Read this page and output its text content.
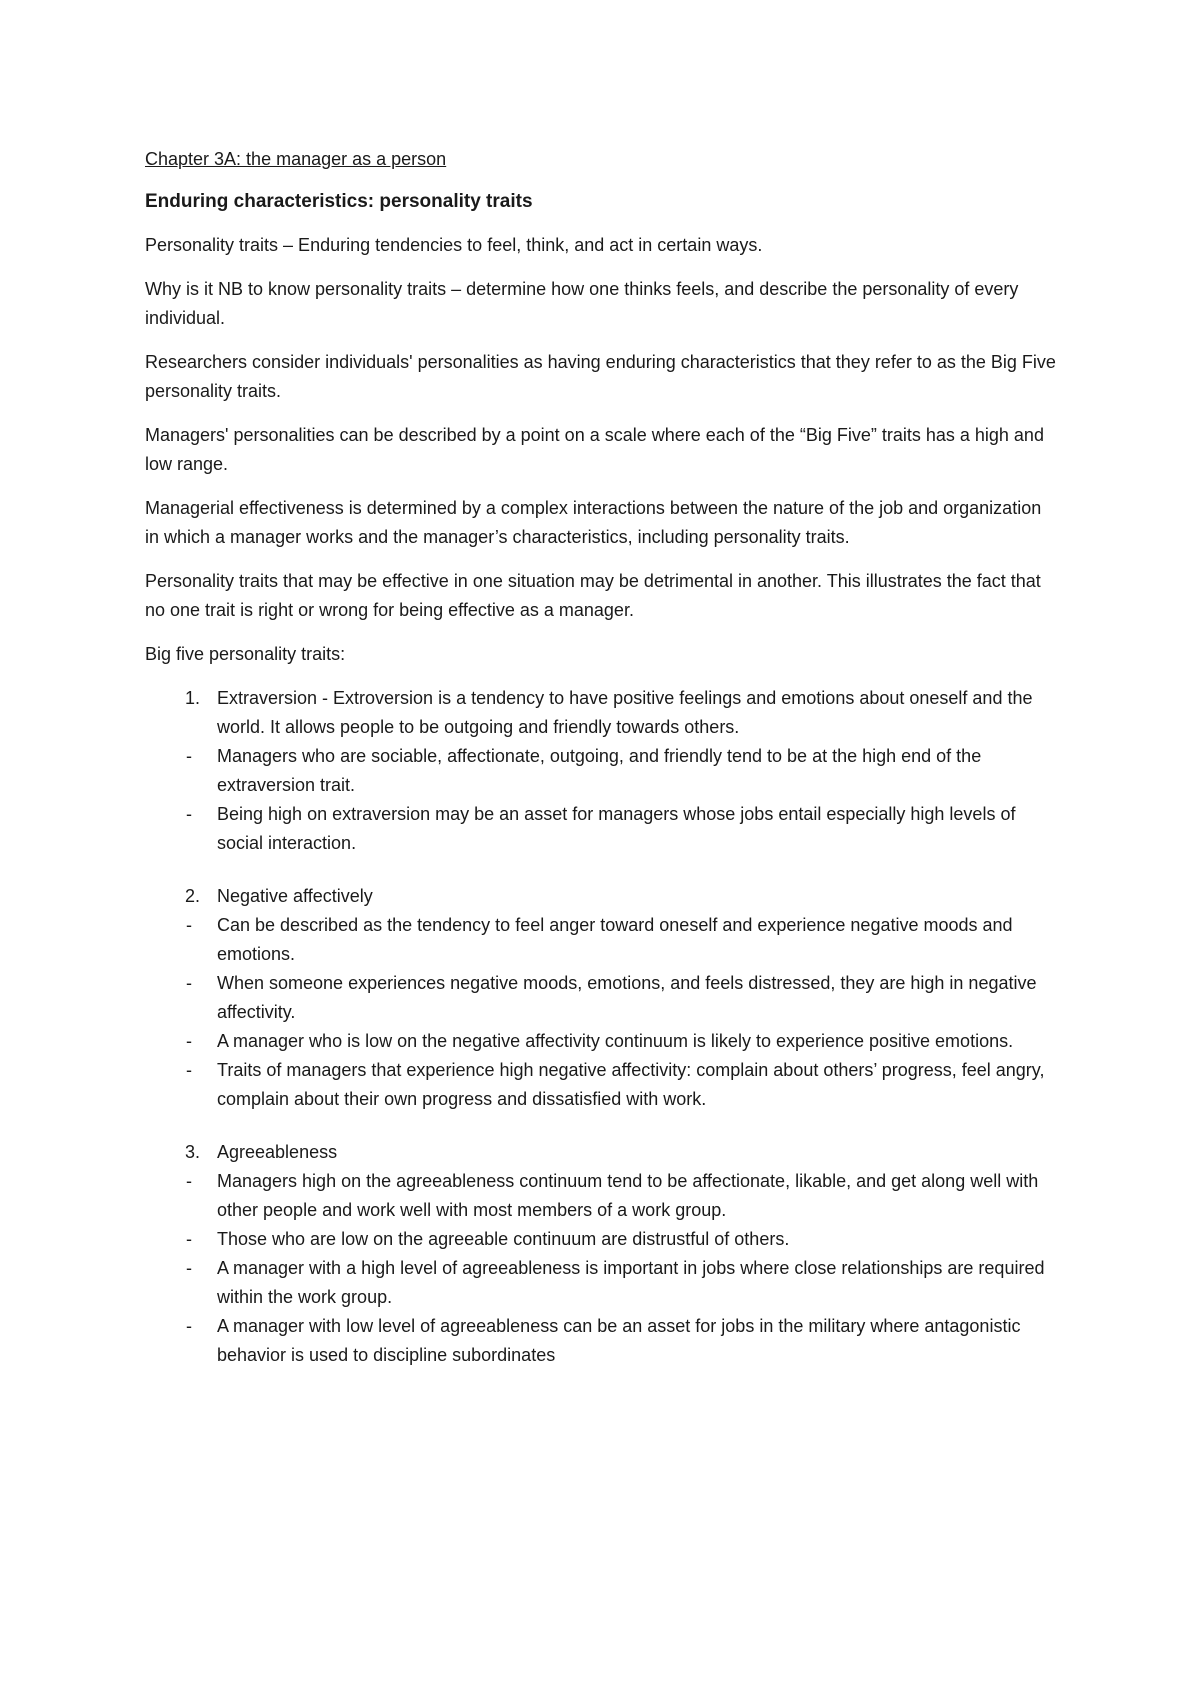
Chapter 3A: the manager as a person
Enduring characteristics: personality traits

Personality traits – Enduring tendencies to feel, think, and act in certain ways.

Why is it NB to know personality traits – determine how one thinks feels, and describe the personality of every individual.

Researchers consider individuals' personalities as having enduring characteristics that they refer to as the Big Five personality traits.

Managers' personalities can be described by a point on a scale where each of the “Big Five” traits has a high and low range.

Managerial effectiveness is determined by a complex interactions between the nature of the job and organization in which a manager works and the manager’s characteristics, including personality traits.

Personality traits that may be effective in one situation may be detrimental in another. This illustrates the fact that no one trait is right or wrong for being effective as a manager.

Big five personality traits:

1. Extraversion - Extroversion is a tendency to have positive feelings and emotions about oneself and the world. It allows people to be outgoing and friendly towards others.
-	Managers who are sociable, affectionate, outgoing, and friendly tend to be at the high end of the extraversion trait.
-	Being high on extraversion may be an asset for managers whose jobs entail especially high levels of social interaction.
2. Negative affectively
-	Can be described as the tendency to feel anger toward oneself and experience negative moods and emotions.
-	When someone experiences negative moods, emotions, and feels distressed, they are high in negative affectivity.
-	A manager who is low on the negative affectivity continuum is likely to experience positive emotions.
-	Traits of managers that experience high negative affectivity: complain about others’ progress, feel angry, complain about their own progress and dissatisfied with work.
3. Agreeableness
-	Managers high on the agreeableness continuum tend to be affectionate, likable, and get along well with other people and work well with most members of a work group.
-	Those who are low on the agreeable continuum are distrustful of others.
-	A manager with a high level of agreeableness is important in jobs where close relationships are required within the work group.
-	A manager with low level of agreeableness can be an asset for jobs in the military where antagonistic behavior is used to discipline subordinates
